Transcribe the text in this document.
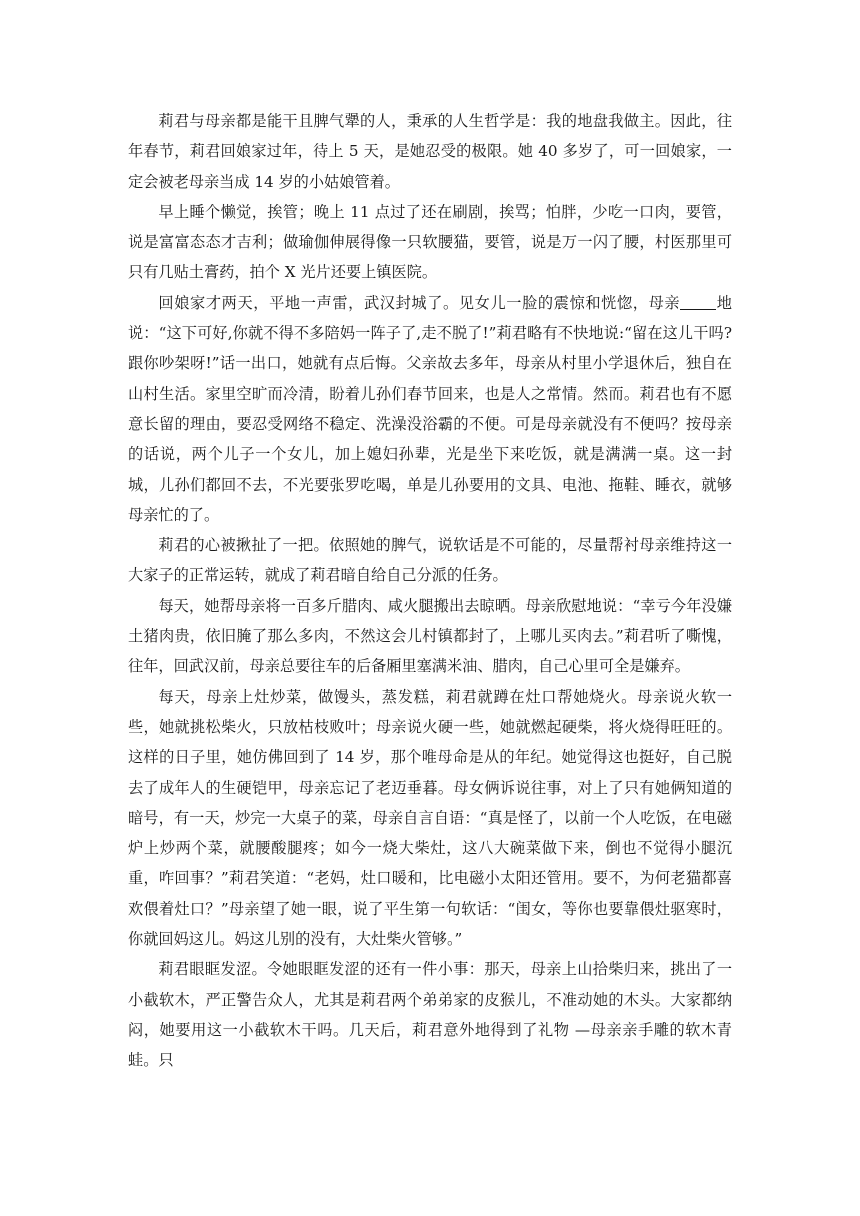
莉君与母亲都是能干且脾气犟的人，秉承的人生哲学是：我的地盘我做主。因此，往年春节，莉君回娘家过年，待上 5 天，是她忍受的极限。她 40 多岁了，可一回娘家，一定会被老母亲当成 14 岁的小姑娘管着。

早上睡个懒觉，挨管；晚上 11 点过了还在刷剧，挨骂；怕胖，少吃一口肉，要管，说是富富态态才吉利；做瑜伽伸展得像一只软腰猫，要管，说是万一闪了腰，村医那里可只有几贴土膏药，拍个 X 光片还要上镇医院。

回娘家才两天，平地一声雷，武汉封城了。见女儿一脸的震惊和恍惚，母亲 地说：“这下可好,你就不得不多陪妈一阵子了,走不脱了!”莉君略有不快地说:“留在这儿干吗?跟你吵架呀!”话一出口，她就有点后悔。父亲故去多年，母亲从村里小学退休后，独自在山村生活。家里空旷而冷清，盼着儿孙们春节回来，也是人之常情。然而。莉君也有不愿意长留的理由，要忍受网络不稳定、洗澡没浴霸的不便。可是母亲就没有不便吗？按母亲的话说，两个儿子一个女儿，加上媳妇孙辈，光是坐下来吃饭，就是满满一桌。这一封城，儿孙们都回不去，不光要张罗吃喝，单是儿孙要用的文具、电池、拖鞋、睡衣，就够母亲忙的了。

莉君的心被揪扯了一把。依照她的脾气，说软话是不可能的，尽量帮衬母亲维持这一大家子的正常运转，就成了莉君暗自给自己分派的任务。

每天，她帮母亲将一百多斤腊肉、咸火腿搬出去晾晒。母亲欣慰地说：“幸亏今年没嫌土猪肉贵，依旧腌了那么多肉，不然这会儿村镇都封了，上哪儿买肉去。”莉君听了嘶愧，往年，回武汉前，母亲总要往车的后备厢里塞满米油、腊肉，自己心里可全是嫌弃。

每天，母亲上灶炒菜，做馒头，蒸发糕，莉君就蹲在灶口帮她烧火。母亲说火软一些，她就挑松柴火，只放枯枝败叶；母亲说火硬一些，她就燃起硬柴，将火烧得旺旺的。这样的日子里，她仿佛回到了 14 岁，那个唯母命是从的年纪。她觉得这也挺好，自己脱去了成年人的生硬铠甲，母亲忘记了老迈垂暮。母女俩诉说往事，对上了只有她俩知道的暗号，有一天，炒完一大桌子的菜，母亲自言自语：“真是怪了，以前一个人吃饭，在电磁炉上炒两个菜，就腰酸腿疼；如今一烧大柴灶，这八大碗菜做下来，倒也不觉得小腿沉重，咋回事？”莉君笑道：“老妈，灶口暖和，比电磁小太阳还管用。要不，为何老猫都喜欢偎着灶口？”母亲望了她一眼，说了平生第一句软话：“闺女，等你也要靠偎灶驱寒时，你就回妈这儿。妈这儿别的没有，大灶柴火管够。”

莉君眼眶发涩。令她眼眶发涩的还有一件小事：那天，母亲上山拾柴归来，挑出了一小截软木，严正警告众人，尤其是莉君两个弟弟家的皮猴儿，不准动她的木头。大家都纳闷，她要用这一小截软木干吗。几天后，莉君意外地得到了礼物 —母亲亲手雕的软木青蛙。只
